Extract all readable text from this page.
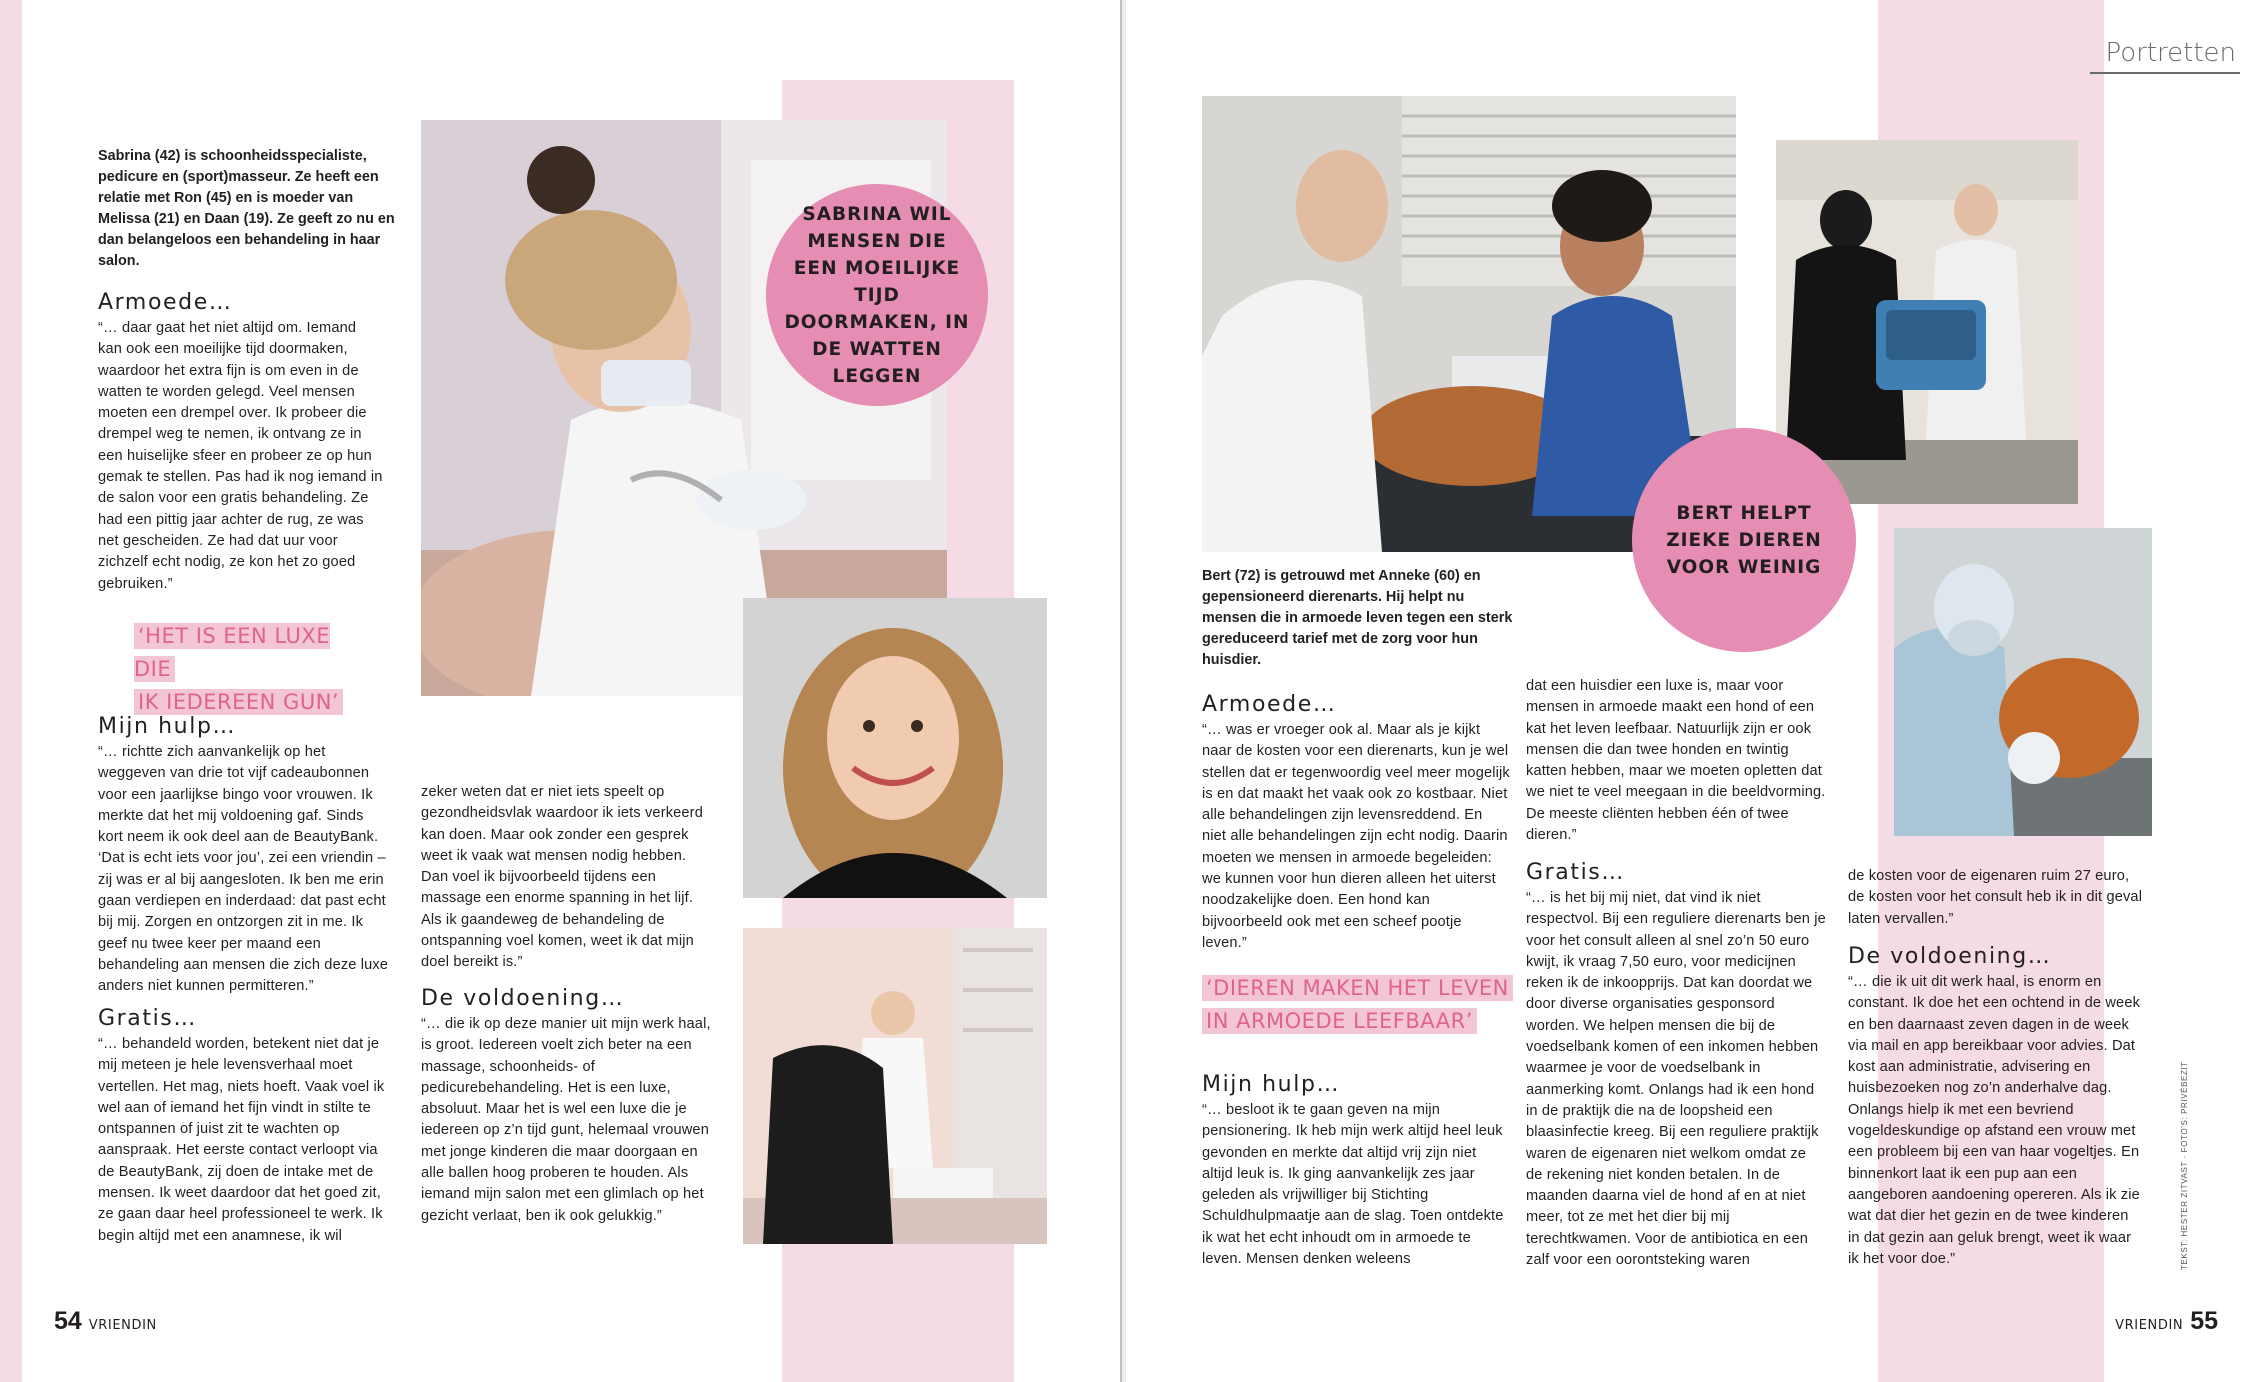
Sabrina (42) is schoonheidsspecialiste, pedicure en (sport)masseur. Ze heeft een relatie met Ron (45) en is moeder van Melissa (21) en Daan (19). Ze geeft zo nu en dan belangeloos een behandeling in haar salon.
Armoede…
“… daar gaat het niet altijd om. Iemand kan ook een moeilijke tijd doormaken, waardoor het extra fijn is om even in de watten te worden gelegd. Veel mensen moeten een drempel over. Ik probeer die drempel weg te nemen, ik ontvang ze in een huiselijke sfeer en probeer ze op hun gemak te stellen. Pas had ik nog iemand in de salon voor een gratis behandeling. Ze had een pittig jaar achter de rug, ze was net gescheiden. Ze had dat uur voor zichzelf echt nodig, ze kon het zo goed gebruiken.”
‘HET IS EEN LUXE DIE
IK IEDEREEN GUN’
Mijn hulp…
“… richtte zich aanvankelijk op het weggeven van drie tot vijf cadeaubonnen voor een jaarlijkse bingo voor vrouwen. Ik merkte dat het mij voldoening gaf. Sinds kort neem ik ook deel aan de BeautyBank. ‘Dat is echt iets voor jou’, zei een vriendin – zij was er al bij aangesloten. Ik ben me erin gaan verdiepen en inderdaad: dat past echt bij mij. Zorgen en ontzorgen zit in me. Ik geef nu twee keer per maand een behandeling aan mensen die zich deze luxe anders niet kunnen permitteren.”
Gratis…
“… behandeld worden, betekent niet dat je mij meteen je hele levensverhaal moet vertellen. Het mag, niets hoeft. Vaak voel ik wel aan of iemand het fijn vindt in stilte te ontspannen of juist zit te wachten op aanspraak. Het eerste contact verloopt via de BeautyBank, zij doen de intake met de mensen. Ik weet daardoor dat het goed zit, ze gaan daar heel professioneel te werk. Ik begin altijd met een anamnese, ik wil
zeker weten dat er niet iets speelt op gezondheidsvlak waardoor ik iets verkeerd kan doen. Maar ook zonder een gesprek weet ik vaak wat mensen nodig hebben. Dan voel ik bijvoorbeeld tijdens een massage een enorme spanning in het lijf. Als ik gaandeweg de behandeling de ontspanning voel komen, weet ik dat mijn doel bereikt is.”
De voldoening…
“… die ik op deze manier uit mijn werk haal, is groot. Iedereen voelt zich beter na een massage, schoonheids- of pedicurebehandeling. Het is een luxe, absoluut. Maar het is wel een luxe die je iedereen op z’n tijd gunt, helemaal vrouwen met jonge kinderen die maar doorgaan en alle ballen hoog proberen te houden. Als iemand mijn salon met een glimlach op het gezicht verlaat, ben ik ook gelukkig.”
SABRINA WIL MENSEN DIE EEN MOEILIJKE TIJD DOORMAKEN, IN DE WATTEN LEGGEN
54 VRIENDIN
Portretten
BERT HELPT ZIEKE DIEREN VOOR WEINIG
Bert (72) is getrouwd met Anneke (60) en gepensioneerd dierenarts. Hij helpt nu mensen die in armoede leven tegen een sterk gereduceerd tarief met de zorg voor hun huisdier.
Armoede…
“… was er vroeger ook al. Maar als je kijkt naar de kosten voor een dierenarts, kun je wel stellen dat er tegenwoordig veel meer mogelijk is en dat maakt het vaak ook zo kostbaar. Niet alle behandelingen zijn levensreddend. En niet alle behandelingen zijn echt nodig. Daarin moeten we mensen in armoede begeleiden: we kunnen voor hun dieren alleen het uiterst noodzakelijke doen. Een hond kan bijvoorbeeld ook met een scheef pootje leven.”
‘DIEREN MAKEN HET LEVEN
IN ARMOEDE LEEFBAAR’
Mijn hulp…
“… besloot ik te gaan geven na mijn pensionering. Ik heb mijn werk altijd heel leuk gevonden en merkte dat altijd vrij zijn niet altijd leuk is. Ik ging aanvankelijk zes jaar geleden als vrijwilliger bij Stichting Schuldhulpmaatje aan de slag. Toen ontdekte ik wat het echt inhoudt om in armoede te leven. Mensen denken weleens
dat een huisdier een luxe is, maar voor mensen in armoede maakt een hond of een kat het leven leefbaar. Natuurlijk zijn er ook mensen die dan twee honden en twintig katten hebben, maar we moeten opletten dat we niet te veel meegaan in die beeldvorming. De meeste cliënten hebben één of twee dieren.”
Gratis…
“… is het bij mij niet, dat vind ik niet respectvol. Bij een reguliere dierenarts ben je voor het consult alleen al snel zo’n 50 euro kwijt, ik vraag 7,50 euro, voor medicijnen reken ik de inkoopprijs. Dat kan doordat we door diverse organisaties gesponsord worden. We helpen mensen die bij de voedselbank komen of een inkomen hebben waarmee je voor de voedselbank in aanmerking komt. Onlangs had ik een hond in de praktijk die na de loopsheid een blaasinfectie kreeg. Bij een reguliere praktijk waren de eigenaren niet welkom omdat ze de rekening niet konden betalen. In de maanden daarna viel de hond af en at niet meer, tot ze met het dier bij mij terechtkwamen. Voor de antibiotica en een zalf voor een oorontsteking waren
de kosten voor de eigenaren ruim 27 euro, de kosten voor het consult heb ik in dit geval laten vervallen.”
De voldoening…
“… die ik uit dit werk haal, is enorm en constant. Ik doe het een ochtend in de week en ben daarnaast zeven dagen in de week via mail en app bereikbaar voor advies. Dat kost aan administratie, advisering en huisbezoeken nog zo’n anderhalve dag. Onlangs hielp ik met een bevriend vogeldeskundige op afstand een vrouw met een probleem bij een van haar vogeltjes. En binnenkort laat ik een pup aan een aangeboren aandoening opereren. Als ik zie wat dat dier het gezin en de twee kinderen in dat gezin aan geluk brengt, weet ik waar ik het voor doe.”	TEKST: HESTER ZITVAST · FOTO’S: PRIVÉBEZIT
VRIENDIN 55
